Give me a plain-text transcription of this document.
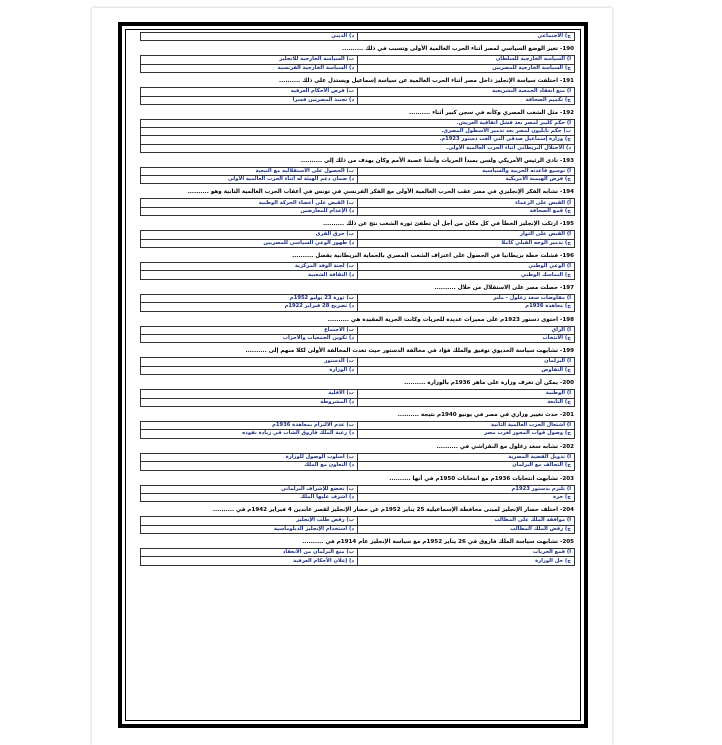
ج) الاجتماعي	د) الديني
190- تغير الوضع السياسي لمصر أثناء الحرب العالمية الأولى وتسبب في ذلك ..........
أ) السياسة الخارجية للسلطان	ب) السياسة الخارجية للانجليز
ج) السياسة الخارجية للمصريين	د) السياسة الخارجية الفرنسية
191- اختلفت سياسة الإنجليز داخل مصر أثناء الحرب العالمية عن سياسة إسماعيل ويستدل على ذلك ..........
أ) منع انعقاد الجمعية التشريعية	ب) فرض الأحكام العرفية
ج) تكميم الصحافة	د) تجنيد المصريين قسرا
192- مثل الشعب المصري وكأنه في سجن كبير أثناء ..........
أ) حكم كليبر لمصر بعد فشل اتفاقية العريش.
ب) حكم نابليون لمصر بعد تدمير الأسطول المصري.
ج) وزارة إسماعيل صدقي التي ألغت دستور 1923م.
د) الاحتلال البريطاني أثناء الحرب العالمية الأولى.
193- نادى الرئيس الأمريكي ولسن بمبدأ الحريات وأنشأ عصبة الأمم وكان يهدف من ذلك إلى ..........
أ) توسيع قاعدته الحربية والسياسية	ب) الحصول على الاستقلالية مع التبعية
ج) فرض الهيمنة الأمريكية	د) ضمان دعم الهيئة له أثناء الحرب العالمية الأولى
194- تشابه الفكر الإنجليزي في مصر عقب الحرب العالمية الأولى مع الفكر الفرنسي في تونس في أعقاب الحرب العالمية الثانية وهو ..........
أ) القبض على الزعماء	ب) القبض على أعضاء الحركة الوطنية
ج) قمع الصحافة	د) الإعدام للمعارضين
195- ارتكب الإنجليز الخطأ في كل مكان من أجل أن تطفئ ثورة الشعب نتج عن ذلك ..........
أ) القبض على الثوار	ب) حرق القرى
ج) تدمير الوجه القبلي كاملا	د) ظهور الوعي السياسي للمصريين
196- فشلت خطة بريطانيا في الحصول على اعتراف الشعب المصري بالحماية البريطانية بفضل ..........
أ) الوعي الوطني	ب) لجنة الوفد المركزية
ج) التماسك الوطني	د) الثقافة الشعبية
197- حصلت مصر على الاستقلال من خلال ..........
أ) مفاوضات سعد زغلول - ملنر	ب) ثورة 23 يوليو 1952م
ج) معاهدة 1936م	د) تصريح 28 فبراير 1922م
198- احتوى دستور 1923م على مميزات عديدة للحريات وكانت الحرية المقيدة هي ..........
أ) الرأي	ب) الاجتماع
ج) الانتخاب	د) تكوين الجمعيات والأحزاب
199- تشابهت سياسة الخديوي توفيق والملك فؤاد في مخالفة الدستور حيث تعدت المخالفة الأولى لكلا منهم إلى ..........
أ) البرلمان	ب) الدستور
ج) التفاوض	د) الوزارة
200- يمكن أن تعرف وزارة على ماهر 1936م بالوزارة ..........
أ) الوطنية	ب) الأقلية
ج) التابعة	د) المشروطة
201- حدث تغيير وزاري في مصر في يونيو 1940م نتيجة ..........
أ) اشتعال الحرب العالمية الثانية	ب) عدم الالتزام بمعاهدة 1936م
ج) وصول قوات المحور لغرب مصر	د) رغبة الملك فاروق الشاب في زيادة نفوذه
202- تشابه سعد زغلول مع النقراشي في ..........
أ) تدويل القضية المصرية	ب) أسلوب الوصول للوزارة
ج) التحالف مع البرلمان	د) التعاون مع الملك
203- تشابهت انتخابات 1936م مع انتخابات 1950م في أنها ..........
أ) تلتزم بدستور 1923م	ب) تخضع للإشراف البرلماني
ج) حرة	د) أشرف عليها الملك
204- اختلف حصار الإنجليز لمبنى محافظة الإسماعيلية 25 يناير 1952م عن حصار الإنجليز لقصر عابدين 4 فبراير 1942م في ..........
أ) موافقة الملك على المطالب	ب) رفض طلب الإنجليز
ج) رفض الملك المطالب	د) استخدام الإنجليز الدبلوماسية
205- تشابهت سياسة الملك فاروق في 26 يناير 1952م مع سياسة الإنجليز عام 1914م في ..........
أ) قمع الحريات	ب) منع البرلمان من الانعقاد
ج) حل الوزارة	د) إعلان الأحكام العرفية
